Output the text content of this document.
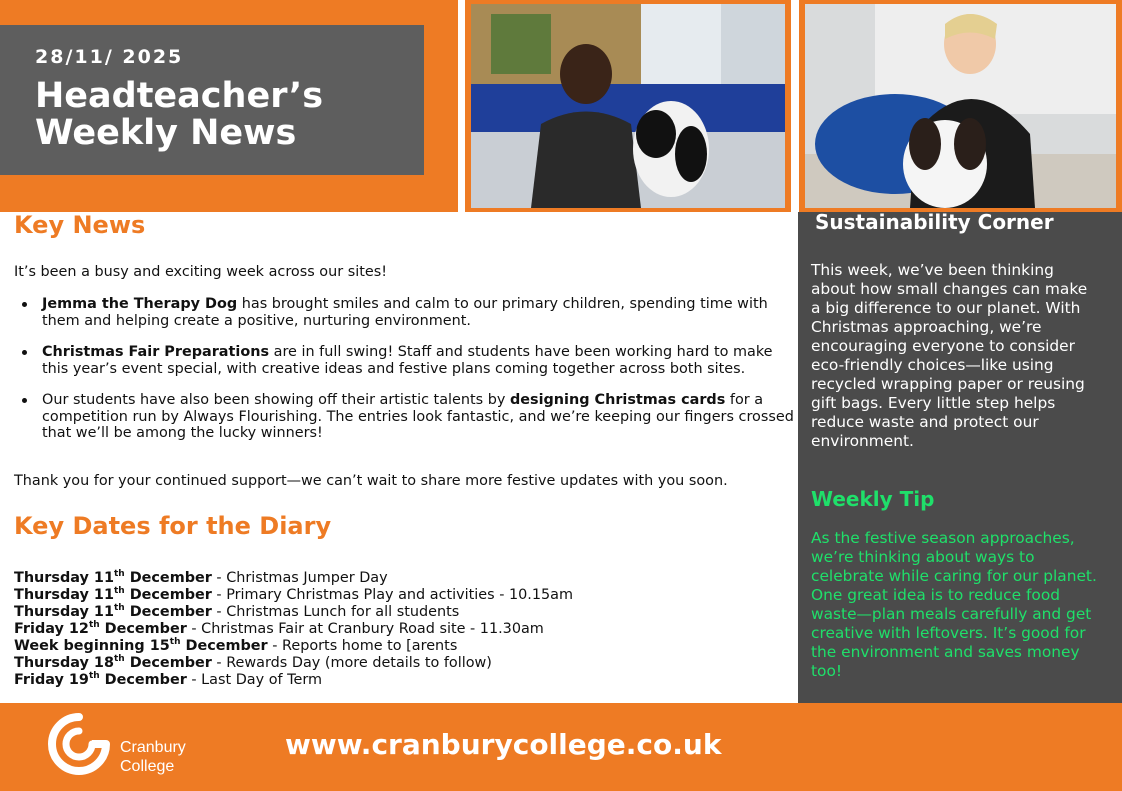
28/11/ 2025
Headteacher’s
Weekly News
Sustainability Corner
This week, we’ve been thinking about how small changes can make a big difference to our planet. With Christmas approaching, we’re encouraging everyone to consider eco-friendly choices—like using recycled wrapping paper or reusing gift bags. Every little step helps reduce waste and protect our environment.
Weekly Tip
As the festive season approaches, we’re thinking about ways to celebrate while caring for our planet. One great idea is to reduce food waste—plan meals carefully and get creative with leftovers. It’s good for the environment and saves money too!
Key News
It’s been a busy and exciting week across our sites!
Jemma the Therapy Dog has brought smiles and calm to our primary children, spending time with them and helping create a positive, nurturing environment.
Christmas Fair Preparations are in full swing! Staff and students have been working hard to make this year’s event special, with creative ideas and festive plans coming together across both sites.
Our students have also been showing off their artistic talents by designing Christmas cards for a competition run by Always Flourishing. The entries look fantastic, and we’re keeping our fingers crossed that we’ll be among the lucky winners!
Thank you for your continued support—we can’t wait to share more festive updates with you soon.
Key Dates for the Diary
Thursday 11th December - Christmas Jumper Day
Thursday 11th December - Primary Christmas Play and activities - 10.15am
Thursday 11th December - Christmas Lunch for all students
Friday 12th December - Christmas Fair at Cranbury Road site - 11.30am
Week beginning 15th December - Reports home to [arents
Thursday 18th December - Rewards Day (more details to follow)
Friday 19th December - Last Day of Term
Cranbury
College
www.cranburycollege.co.uk
